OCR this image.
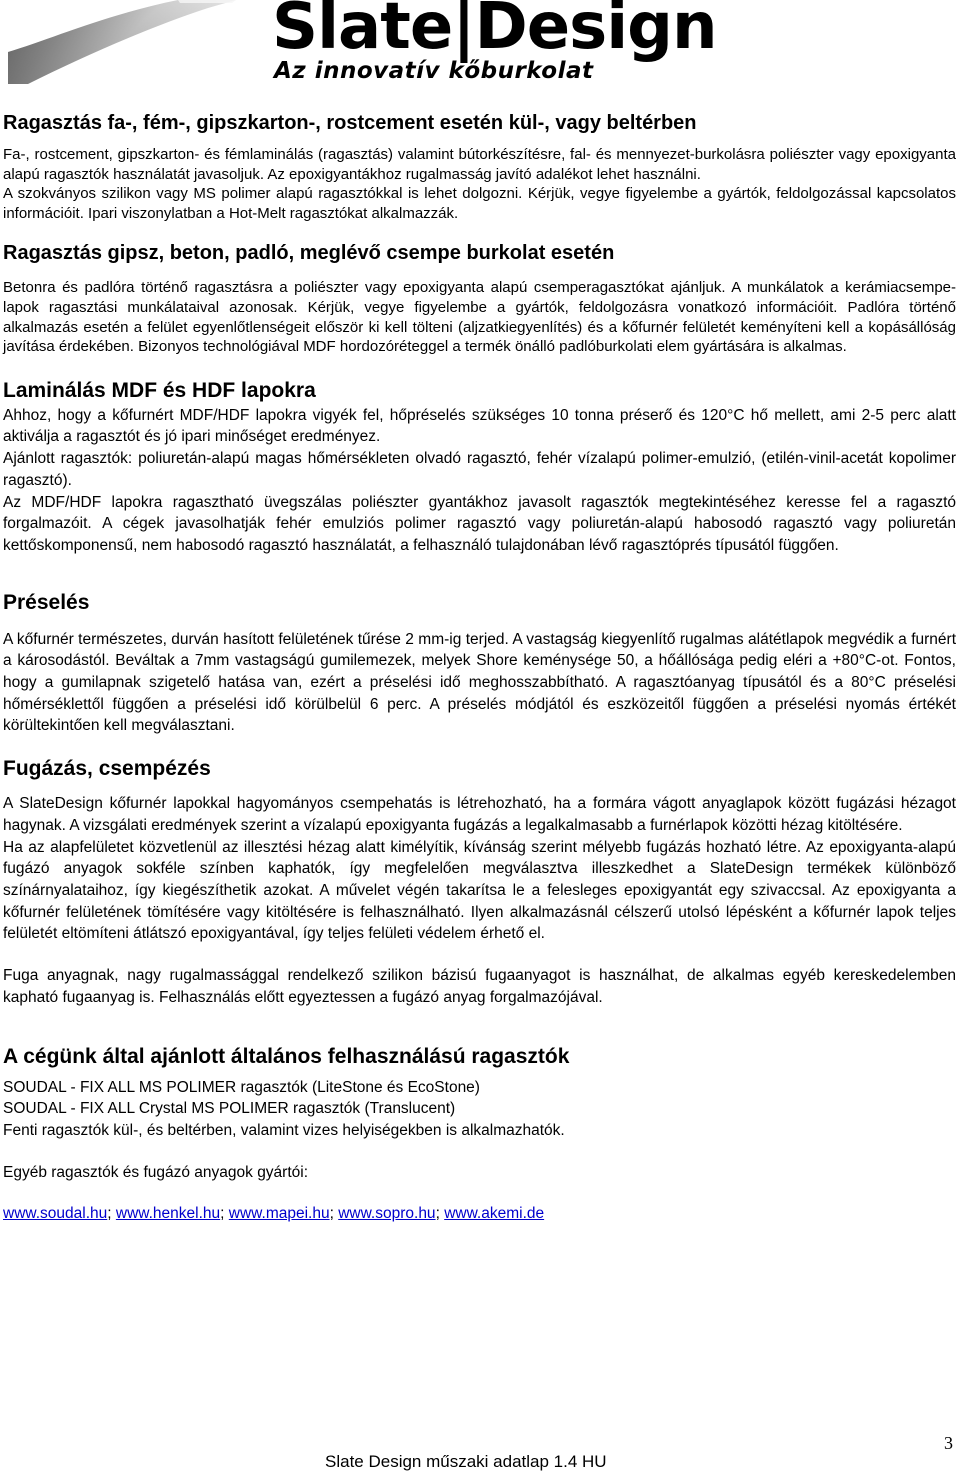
Slate|Design
Az innovatív kőburkolat
Ragasztás fa-, fém-, gipszkarton-, rostcement esetén kül-, vagy beltérben

Fa-, rostcement, gipszkarton- és fémlaminálás (ragasztás) valamint bútorkészítésre, fal- és mennyezet-burkolásra poliészter vagy epoxigyanta alapú ragasztók használatát javasoljuk. Az epoxigyantákhoz rugalmasság javító adalékot lehet használni.

A szokványos szilikon vagy MS polimer alapú ragasztókkal is lehet dolgozni. Kérjük, vegye figyelembe a gyártók, feldolgozással kapcsolatos információit. Ipari viszonylatban a Hot-Melt ragasztókat alkalmazzák.

Ragasztás gipsz, beton, padló, meglévő csempe burkolat esetén

Betonra és padlóra történő ragasztásra a poliészter vagy epoxigyanta alapú csemperagasztókat ajánljuk. A munkálatok a kerámiacsempe-lapok ragasztási munkálataival azonosak. Kérjük, vegye figyelembe a gyártók, feldolgozásra vonatkozó információit. Padlóra történő alkalmazás esetén a felület egyenlőtlenségeit először ki kell tölteni (aljzatkiegyenlítés) és a kőfurnér felületét keményíteni kell a kopásállóság javítása érdekében. Bizonyos technológiával MDF hordozóréteggel a termék önálló padlóburkolati elem gyártására is alkalmas.

Laminálás MDF és HDF lapokra

Ahhoz, hogy a kőfurnért MDF/HDF lapokra vigyék fel, hőpréselés szükséges 10 tonna préserő és 120°C hő mellett, ami 2-5 perc alatt aktiválja a ragasztót és jó ipari minőséget eredményez.

Ajánlott ragasztók: poliuretán-alapú magas hőmérsékleten olvadó ragasztó, fehér vízalapú polimer-emulzió, (etilén-vinil-acetát kopolimer ragasztó).

Az MDF/HDF lapokra ragasztható üvegszálas poliészter gyantákhoz javasolt ragasztók megtekintéséhez keresse fel a ragasztó forgalmazóit. A cégek javasolhatják fehér emulziós polimer ragasztó vagy poliuretán-alapú habosodó ragasztó vagy poliuretán kettőskomponensű, nem habosodó ragasztó használatát, a felhasználó tulajdonában lévő ragasztóprés típusától függően.

Préselés

A kőfurnér természetes, durván hasított felületének tűrése 2 mm-ig terjed. A vastagság kiegyenlítő rugalmas alátétlapok megvédik a furnért a károsodástól. Beváltak a 7mm vastagságú gumilemezek, melyek Shore keménysége 50, a hőállósága pedig eléri a +80°C-ot. Fontos, hogy a gumilapnak szigetelő hatása van, ezért a préselési idő meghosszabbítható. A ragasztóanyag típusától és a 80°C préselési hőmérséklettől függően a préselési idő körülbelül 6 perc. A préselés módjától és eszközeitől függően a préselési nyomás értékét körültekintően kell megválasztani.

Fugázás, csempézés

A SlateDesign kőfurnér lapokkal hagyományos csempehatás is létrehozható, ha a formára vágott anyaglapok között fugázási hézagot hagynak. A vizsgálati eredmények szerint a vízalapú epoxigyanta fugázás a legalkalmasabb a furnérlapok közötti hézag kitöltésére.

Ha az alapfelületet közvetlenül az illesztési hézag alatt kimélyítik, kívánság szerint mélyebb fugázás hozható létre. Az epoxigyanta-alapú fugázó anyagok sokféle színben kaphatók, így megfelelően megválasztva illeszkedhet a SlateDesign termékek különböző színárnyalataihoz, így kiegészíthetik azokat. A művelet végén takarítsa le a felesleges epoxigyantát egy szivaccsal. Az epoxigyanta a kőfurnér felületének tömítésére vagy kitöltésére is felhasználható. Ilyen alkalmazásnál célszerű utolsó lépésként a kőfurnér lapok teljes felületét eltömíteni átlátszó epoxigyantával, így teljes felületi védelem érhető el.

Fuga anyagnak, nagy rugalmassággal rendelkező szilikon bázisú fugaanyagot is használhat, de alkalmas egyéb kereskedelemben kapható fugaanyag is. Felhasználás előtt egyeztessen a fugázó anyag forgalmazójával.

A cégünk által ajánlott általános felhasználású ragasztók

SOUDAL - FIX ALL MS POLIMER ragasztók (LiteStone és EcoStone)

SOUDAL - FIX ALL Crystal MS POLIMER ragasztók (Translucent)

Fenti ragasztók kül-, és beltérben, valamint vizes helyiségekben is alkalmazhatók.

Egyéb ragasztók és fugázó anyagok gyártói:

www.soudal.hu; www.henkel.hu; www.mapei.hu; www.sopro.hu; www.akemi.de

3
Slate Design műszaki adatlap 1.4 HU
